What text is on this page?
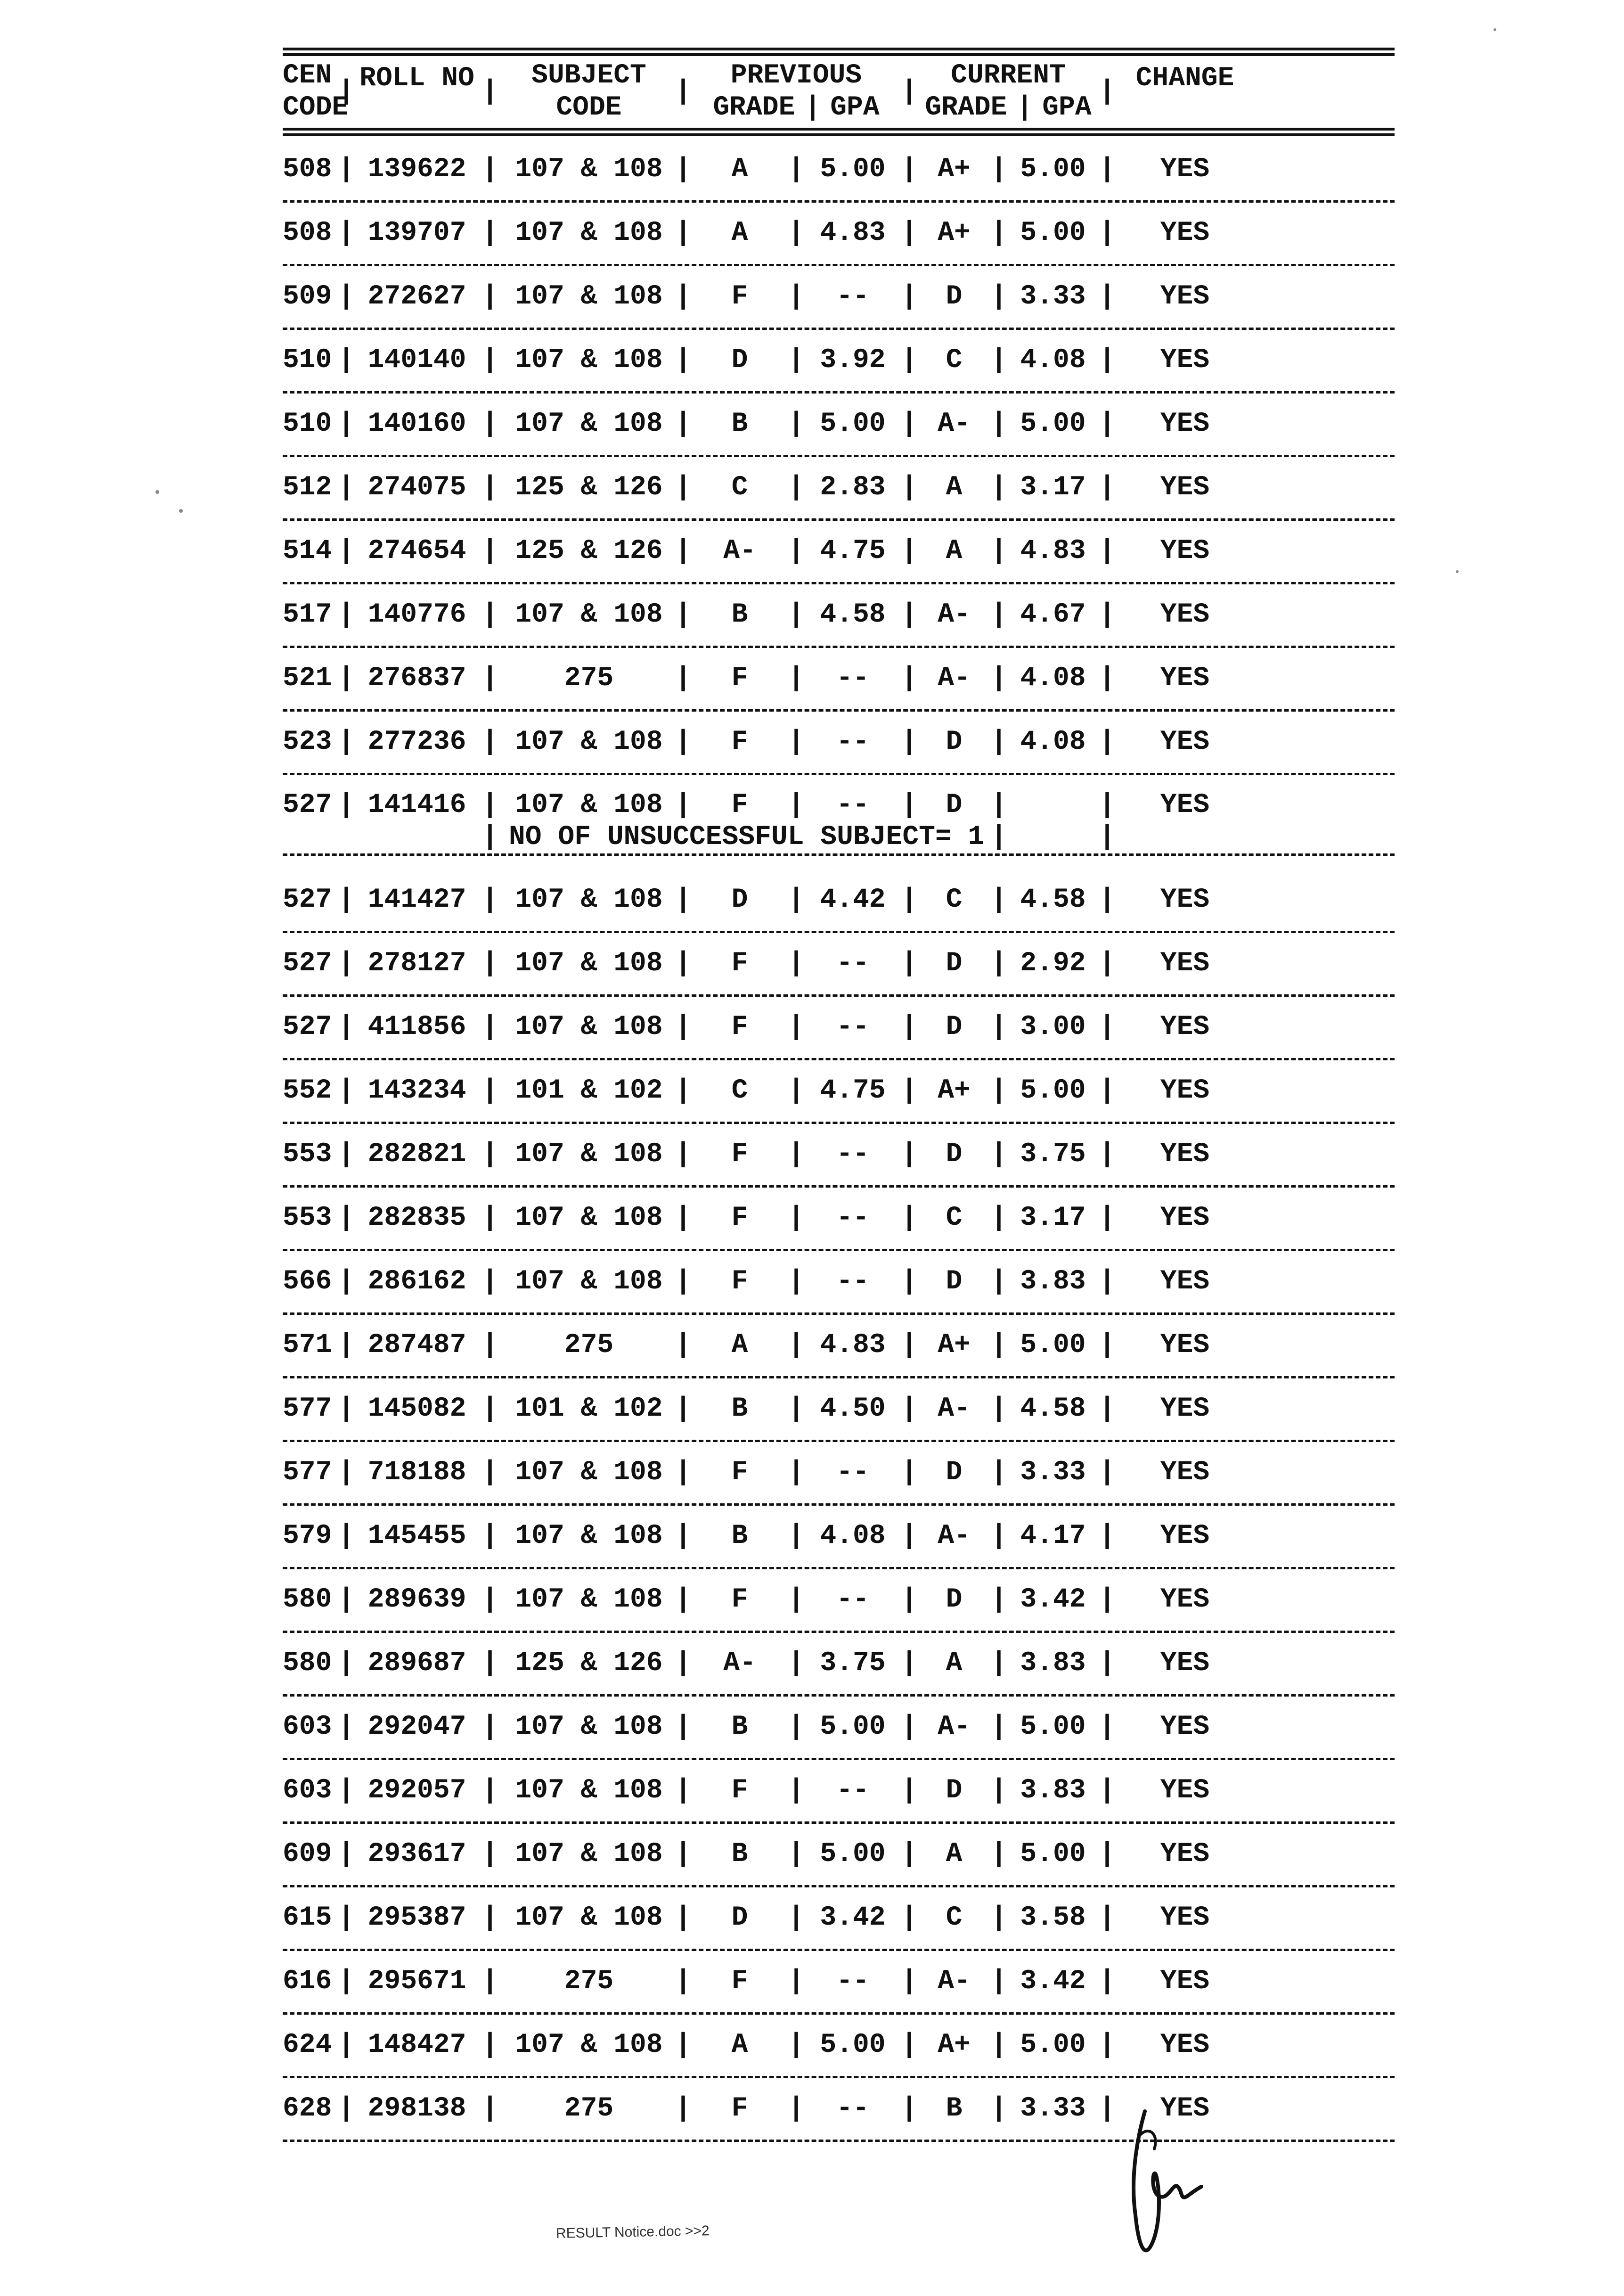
CEN
CODE
| ROLL NO |
SUBJECT
CODE
|
PREVIOUS
GRADE | GPA
|
CURRENT
GRADE | GPA
| CHANGE
508 | 139622 | 107 & 108 |	A	| 5.00 | A+ | 5.00 |	YES
508 | 139707 | 107 & 108 |	A	| 4.83 | A+ | 5.00 |	YES
509 | 272627 | 107 & 108 |	F	|	--	|	D	| 3.33 |	YES
510 | 140140 | 107 & 108 |	D	| 3.92 |	C	| 4.08 |	YES
510 | 140160 | 107 & 108 |	B	| 5.00 | A- | 5.00 |	YES
512 | 274075 | 125 & 126 |	C	| 2.83 |	A	| 3.17 |	YES
514 | 274654 | 125 & 126 |	A-	| 4.75 |	A	| 4.83 |	YES
517 | 140776 | 107 & 108 |	B	| 4.58 | A- | 4.67 |	YES
521 | 276837 |	275	|	F	|	--	| A- | 4.08 |	YES
523 | 277236 | 107 & 108 |	F	|	--	|	D	| 4.08 |	YES
527 | 141416 | 107 & 108 |	F	|	--	|	D	|	|	YES
| NO OF UNSUCCESSFUL SUBJECT= 1 |	|
527 | 141427 | 107 & 108 |	D	| 4.42 |	C	| 4.58 |	YES
527 | 278127 | 107 & 108 |	F	|	--	|	D	| 2.92 |	YES
527 | 411856 | 107 & 108 |	F	|	--	|	D	| 3.00 |	YES
552 | 143234 | 101 & 102 |	C	| 4.75 | A+ | 5.00 |	YES
553 | 282821 | 107 & 108 |	F	|	--	|	D	| 3.75 |	YES
553 | 282835 | 107 & 108 |	F	|	--	|	C	| 3.17 |	YES
566 | 286162 | 107 & 108 |	F	|	--	|	D	| 3.83 |	YES
571 | 287487 |	275	|	A	| 4.83 | A+ | 5.00 |	YES
577 | 145082 | 101 & 102 |	B	| 4.50 | A- | 4.58 |	YES
577 | 718188 | 107 & 108 |	F	|	--	|	D	| 3.33 |	YES
579 | 145455 | 107 & 108 |	B	| 4.08 | A- | 4.17 |	YES
580 | 289639 | 107 & 108 |	F	|	--	|	D	| 3.42 |	YES
580 | 289687 | 125 & 126 |	A-	| 3.75 |	A	| 3.83 |	YES
603 | 292047 | 107 & 108 |	B	| 5.00 | A- | 5.00 |	YES
603 | 292057 | 107 & 108 |	F	|	--	|	D	| 3.83 |	YES
609 | 293617 | 107 & 108 |	B	| 5.00 |	A	| 5.00 |	YES
615 | 295387 | 107 & 108 |	D	| 3.42 |	C	| 3.58 |	YES
616 | 295671 |	275	|	F	|	--	| A- | 3.42 |	YES
624 | 148427 | 107 & 108 |	A	| 5.00 | A+ | 5.00 |	YES
628 | 298138 |	275	|	F	|	--	|	B	| 3.33 |	YES
RESULT Notice.doc >>2
